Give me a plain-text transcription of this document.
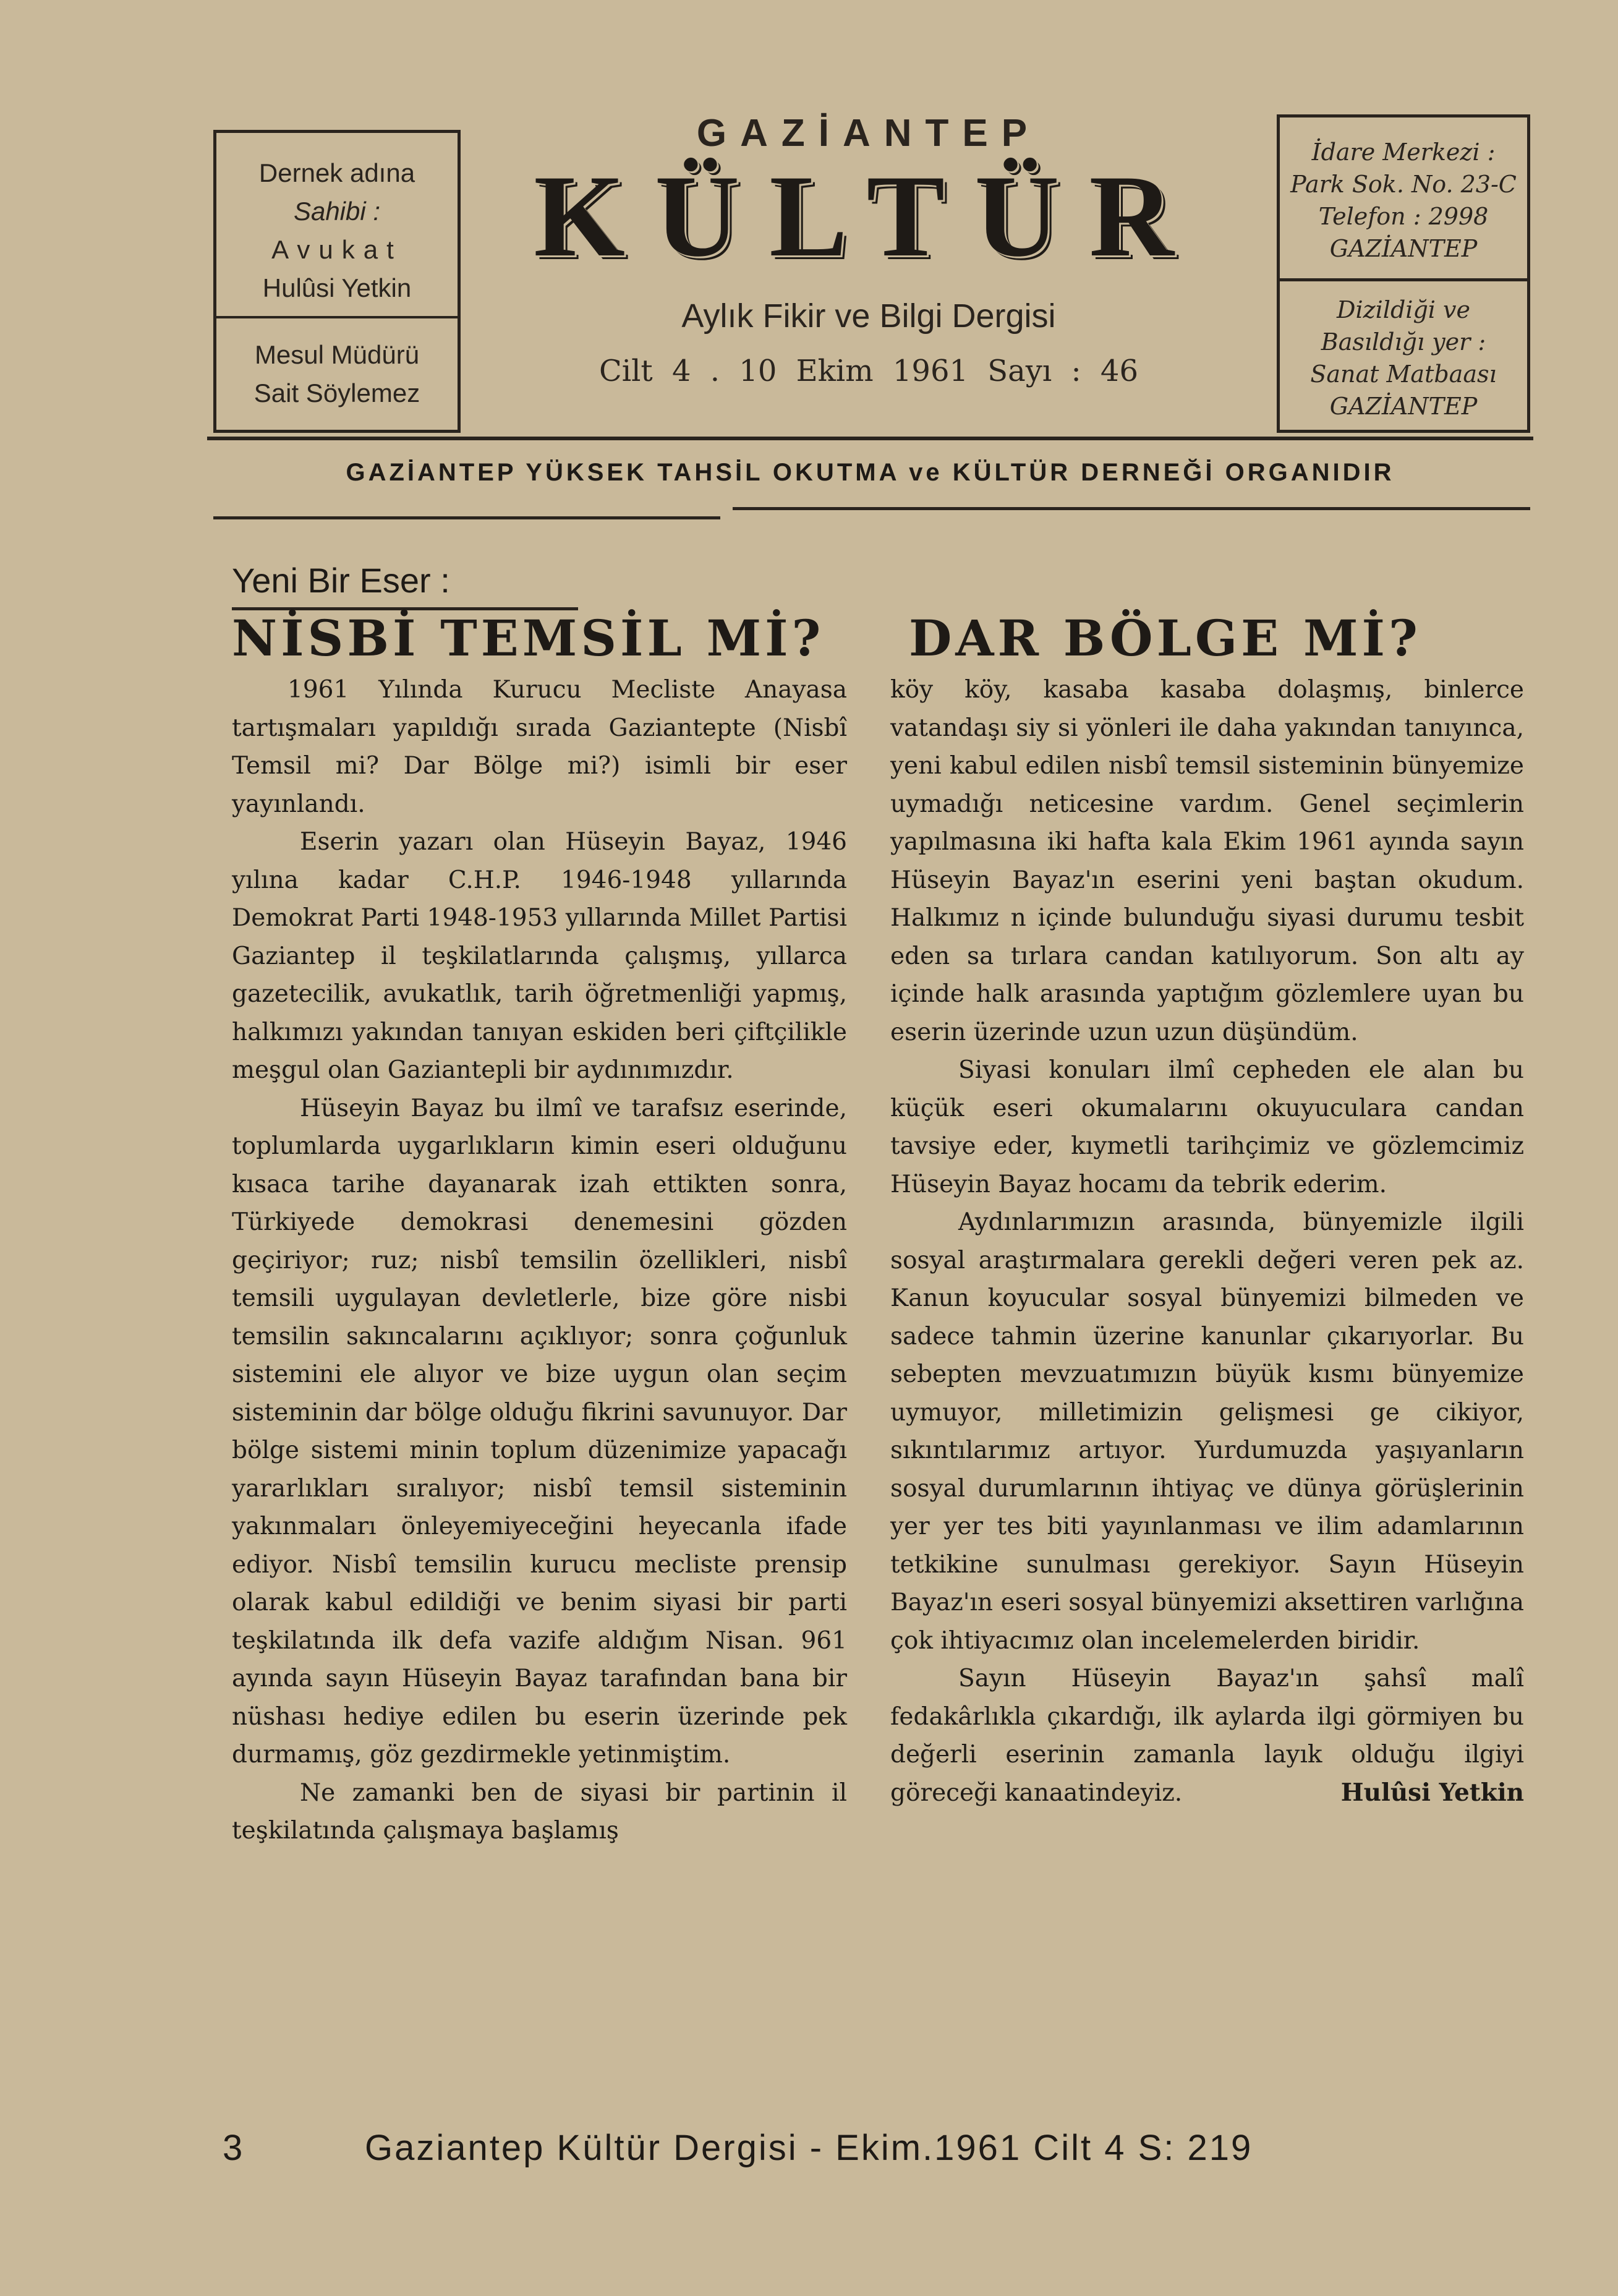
Dernek adına
Sahibi :
Avukat
Hulûsi Yetkin
Mesul Müdürü
Sait Söylemez
GAZİANTEP
KÜLTÜR
Aylık Fikir ve Bilgi Dergisi
Cilt 4 . 10 Ekim 1961 Sayı : 46
İdare Merkezi :
Park Sok. No. 23-C
Telefon : 2998
GAZİANTEP
Dizildiği ve
Basıldığı yer :
Sanat Matbaası
GAZİANTEP
GAZİANTEP YÜKSEK TAHSİL OKUTMA ve KÜLTÜR DERNEĞİ ORGANIDIR
Yeni Bir Eser :
NİSBİ TEMSİL Mİ?	DAR BÖLGE Mİ?

1961 Yılında Kurucu Mecliste Anayasa tartışmaları yapıldığı sırada Gaziantepte (Nisbî Temsil mi? Dar Bölge mi?) isimli bir eser yayınlandı.

Eserin yazarı olan Hüseyin Bayaz, 1946 yılına kadar C.H.P. 1946-1948 yıllarında Demokrat Parti 1948-1953 yıllarında Millet Partisi Gaziantep il teşkilatlarında çalışmış, yıllarca gazetecilik, avukatlık, tarih öğretmenliği yapmış, halkımızı yakından tanıyan eskiden beri çiftçilikle meşgul olan Gaziantepli bir aydınımızdır.

Hüseyin Bayaz bu ilmî ve tarafsız eserinde, toplumlarda uygarlıkların kimin eseri olduğunu kısaca tarihe dayanarak izah ettikten sonra, Türkiyede demokrasi denemesini gözden geçiriyor; ruz; nisbî temsilin özellikleri, nisbî temsili uygulayan devletlerle, bize göre nisbi temsilin sakıncalarını açıklıyor; sonra çoğunluk sistemini ele alıyor ve bize uygun olan seçim sisteminin dar bölge olduğu fikrini savunuyor. Dar bölge sistemi minin toplum düzenimize yapacağı yararlıkları sıralıyor; nisbî temsil sisteminin yakınmaları önleyemiyeceğini heyecanla ifade ediyor. Nisbî temsilin kurucu mecliste prensip olarak kabul edildiği ve benim siyasi bir parti teşkilatında ilk defa vazife aldığım Nisan. 961 ayında sayın Hüseyin Bayaz tarafından bana bir nüshası hediye edilen bu eserin üzerinde pek durmamış, göz gezdirmekle yetinmiştim.

Ne zamanki ben de siyasi bir partinin il teşkilatında çalışmaya başlamış

köy köy, kasaba kasaba dolaşmış, binlerce vatandaşı siy si yönleri ile daha yakından tanıyınca, yeni kabul edilen nisbî temsil sisteminin bünyemize uymadığı neticesine vardım. Genel seçimlerin yapılmasına iki hafta kala Ekim 1961 ayında sayın Hüseyin Bayaz'ın eserini yeni baştan okudum. Halkımız n içinde bulunduğu siyasi durumu tesbit eden sa tırlara candan katılıyorum. Son altı ay içinde halk arasında yaptığım gözlemlere uyan bu eserin üzerinde uzun uzun düşündüm.

Siyasi konuları ilmî cepheden ele alan bu küçük eseri okumalarını okuyuculara candan tavsiye eder, kıymetli tarihçimiz ve gözlemcimiz Hüseyin Bayaz hocamı da tebrik ederim.

Aydınlarımızın arasında, bünyemizle ilgili sosyal araştırmalara gerekli değeri veren pek az. Kanun koyucular sosyal bünyemizi bilmeden ve sadece tahmin üzerine kanunlar çıkarıyorlar. Bu sebepten mevzuatımızın büyük kısmı bünyemize uymuyor, milletimizin gelişmesi ge cikiyor, sıkıntılarımız artıyor. Yurdumuzda yaşıyanların sosyal durumlarının ihtiyaç ve dünya görüşlerinin yer yer tes biti yayınlanması ve ilim adamlarının tetkikine sunulması gerekiyor. Sayın Hüseyin Bayaz'ın eseri sosyal bünyemizi aksettiren varlığına çok ihtiyacımız olan incelemelerden biridir.

Sayın Hüseyin Bayaz'ın şahsî malî fedakârlıkla çıkardığı, ilk aylarda ilgi görmiyen bu değerli eserinin zamanla layık olduğu ilgiyi göreceği kanaatindeyiz.	Hulûsi Yetkin
3	Gaziantep Kültür Dergisi - Ekim.1961 Cilt 4 S: 219
